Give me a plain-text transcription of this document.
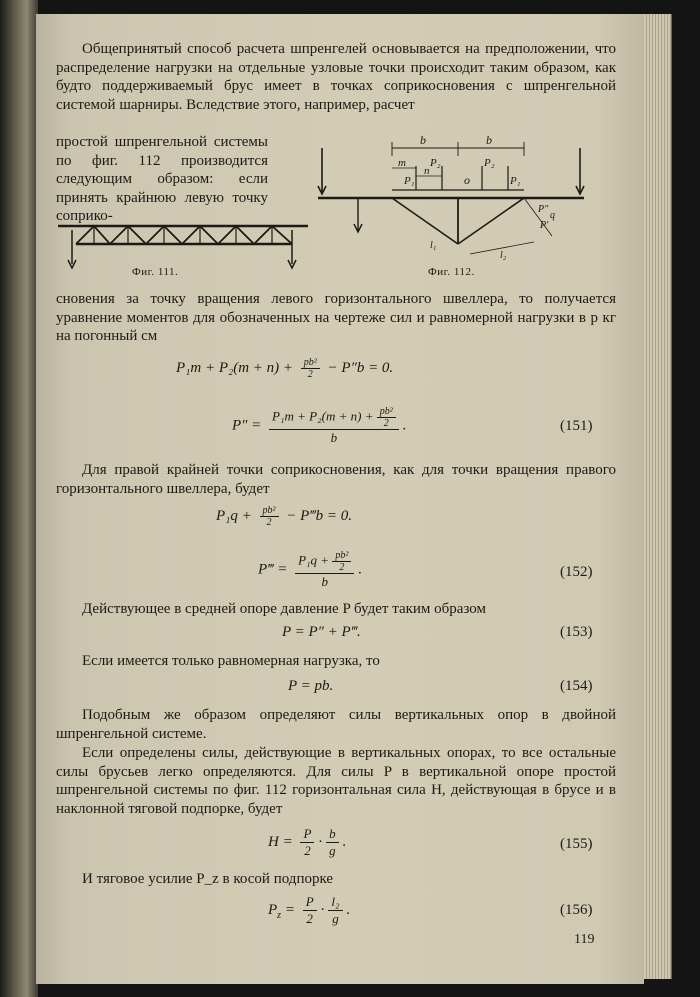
Общепринятый способ расчета шпренгелей основывается на предположении, что распределение нагрузки на отдельные узловые точки происходит таким образом, как будто поддерживаемый брус имеет в точках соприкосновения с шпренгельной системой шарниры. Вследствие этого, например, расчет
простой шпренгельной системы по фиг. 112 производится следующим образом: если принять крайнюю левую точку соприко-
Фиг. 111.
b	b
m
n
P₁
P₂
o
P₂
P₁
q
P″
P′
l₁
l₂
Фиг. 112.
сновения за точку вращения левого горизонтального швеллера, то получается уравнение моментов для обозначенных на чертеже сил и равномерной нагрузки в p кг на погонный см
$P_1m + P_2(m + n) + \frac{\text{pb²}}{2} - P''b = 0$.
$P'' = \frac{P_1m + P_2(m + n) + \frac{\text{pb²}}{2}}{b}$ .	(151)
Для правой крайней точки соприкосновения, как для точки вращения правого горизонтального швеллера, будет
$P_1q + \frac{\text{pb²}}{2}$ − P‴b = 0.
P‴ = $\frac{P_1q + \frac{\text{pb²}}{2}}{b}$ .	(152)
Действующее в средней опоре давление P будет таким образом
P = P″ + P‴.	(153)
Если имеется только равномерная нагрузка, то
P = pb.	(154)
Подобным же образом определяют силы вертикальных опор в двойной шпренгельной системе.
Если определены силы, действующие в вертикальных опорах, то все остальные силы брусьев легко определяются. Для силы P в вертикальной опоре простой шпренгельной системы по фиг. 112 горизонтальная сила H, действующая в брусе и в наклонной тяговой подпорке, будет
$H = \frac{P}{2} \cdot \frac{b}{g}$ .	(155)
И тяговое усилие P_z в косой подпорке
$P_z = \frac{P}{2} \cdot \frac{\text{l₂}}{g}$ .	(156)
119
